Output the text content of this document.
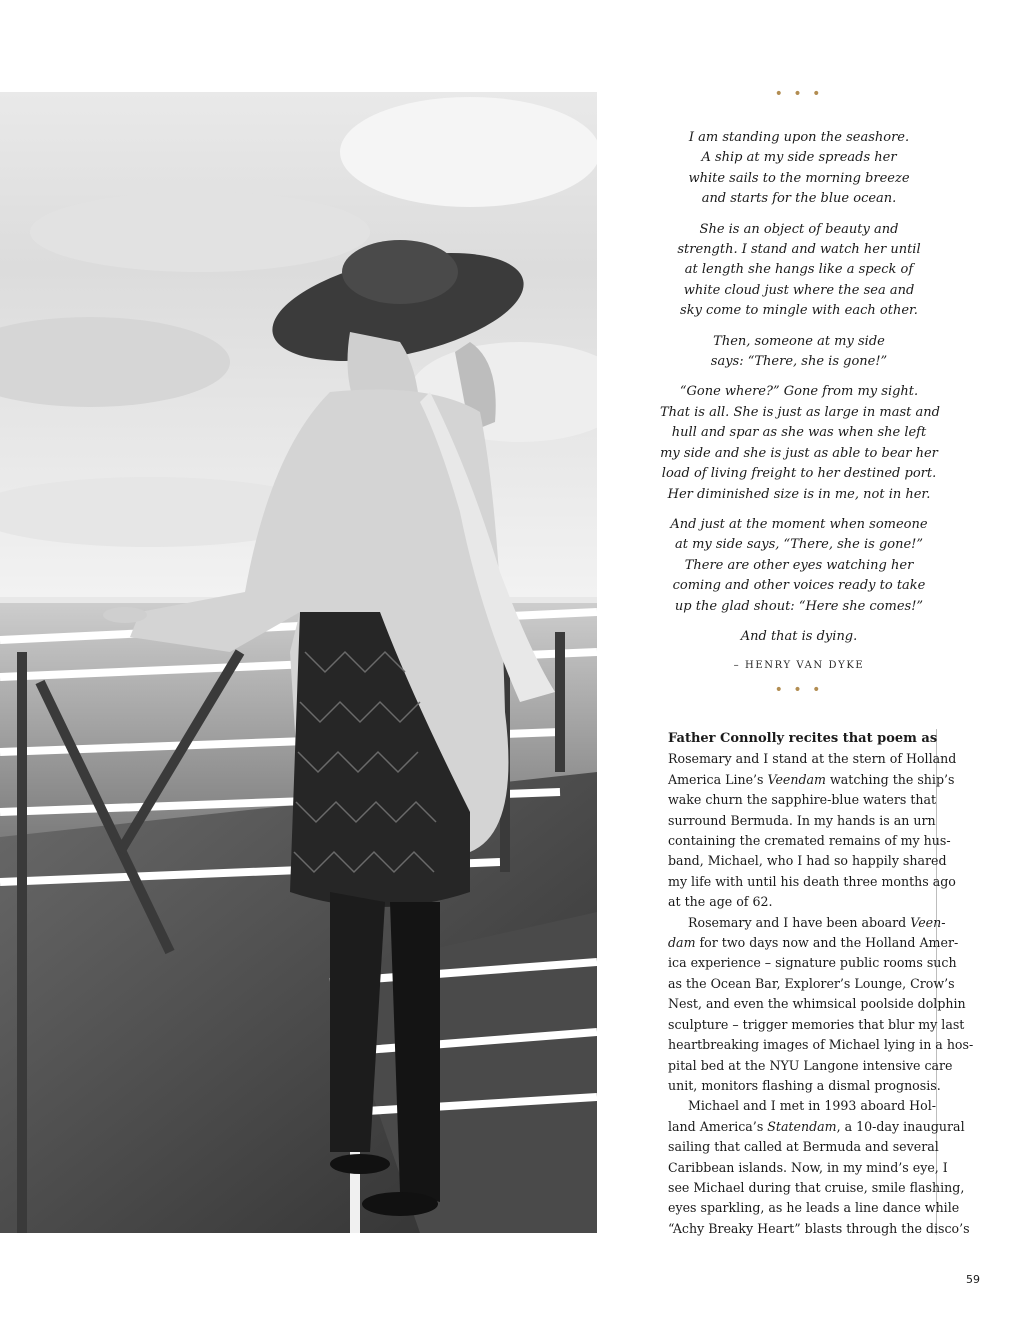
• • •
I am standing upon the seashore.
A ship at my side spreads her
white sails to the morning breeze
and starts for the blue ocean.
She is an object of beauty and
strength. I stand and watch her until
at length she hangs like a speck of
white cloud just where the sea and
sky come to mingle with each other.
Then, someone at my side
says: “There, she is gone!”
“Gone where?” Gone from my sight.
That is all. She is just as large in mast and
hull and spar as she was when she left
my side and she is just as able to bear her
load of living freight to her destined port.
Her diminished size is in me, not in her.
And just at the moment when someone
at my side says, “There, she is gone!”
There are other eyes watching her
coming and other voices ready to take
up the glad shout: “Here she comes!”
And that is dying.
– HENRY VAN DYKE
• • •

Father Connolly recites that poem as
Rosemary and I stand at the stern of Holland
America Line’s Veendam watching the ship’s
wake churn the sapphire-blue waters that
surround Bermuda. In my hands is an urn
containing the cremated remains of my hus-
band, Michael, who I had so happily shared
my life with until his death three months ago
at the age of 62.

Rosemary and I have been aboard Veen-
dam for two days now and the Holland Amer-
ica experience – signature public rooms such
as the Ocean Bar, Explorer’s Lounge, Crow’s
Nest, and even the whimsical poolside dolphin
sculpture – trigger memories that blur my last
heartbreaking images of Michael lying in a hos-
pital bed at the NYU Langone intensive care
unit, monitors flashing a dismal prognosis.

Michael and I met in 1993 aboard Hol-
land America’s Statendam, a 10-day inaugural
sailing that called at Bermuda and several
Caribbean islands. Now, in my mind’s eye, I
see Michael during that cruise, smile flashing,
eyes sparkling, as he leads a line dance while
“Achy Breaky Heart” blasts through the disco’s

59
